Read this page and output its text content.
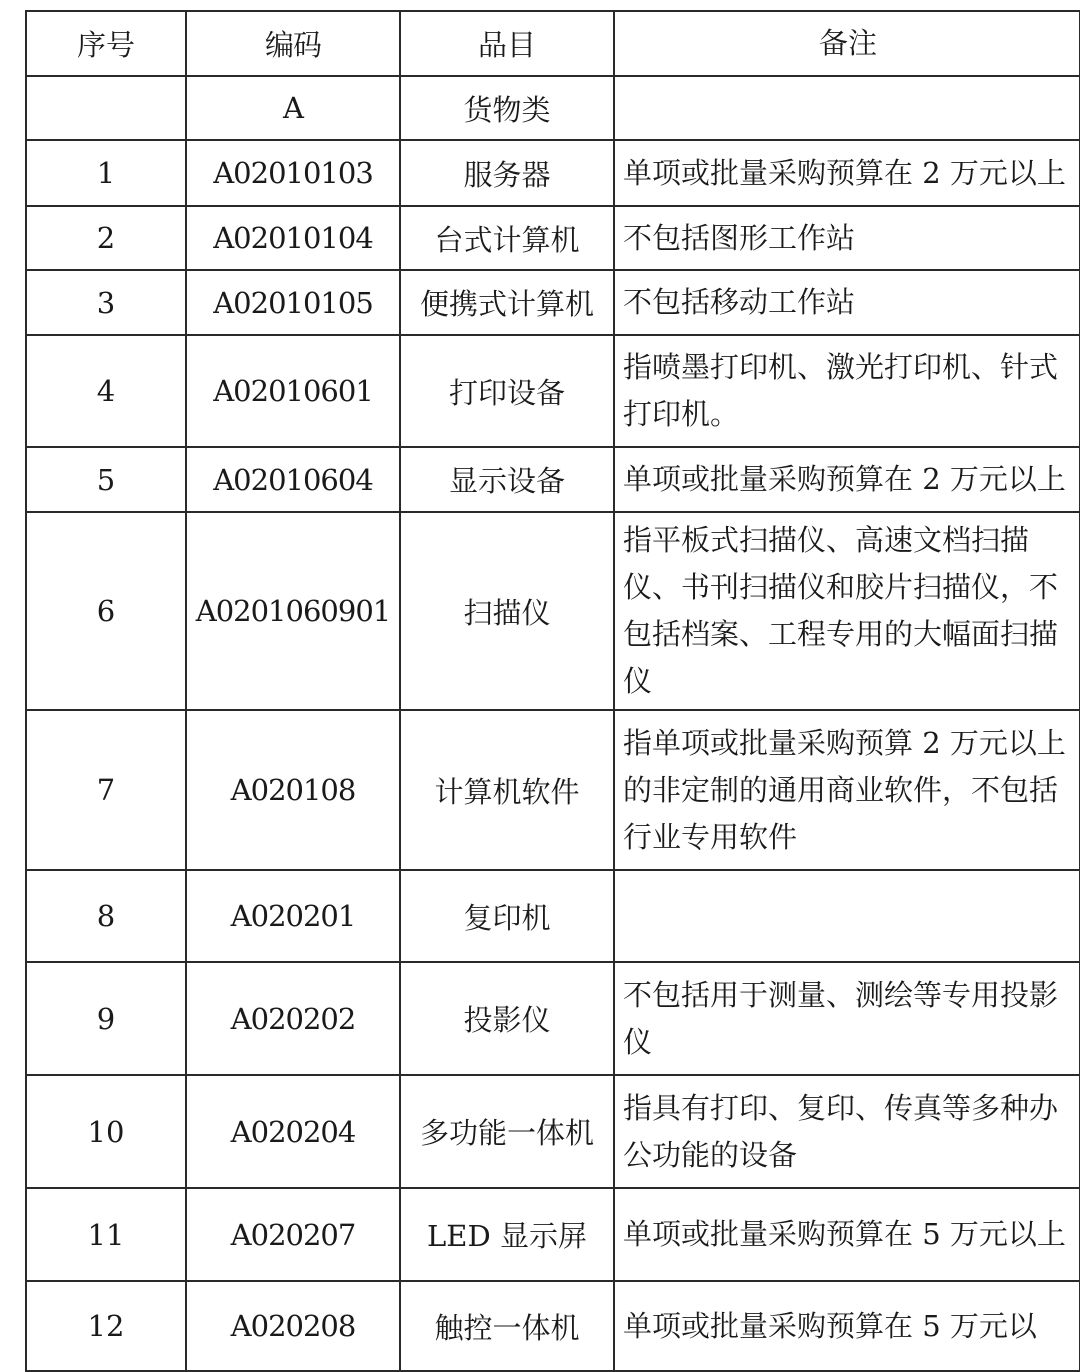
序号	编码	品目	备注
	A	货物类	
1	A02010103	服务器	单项或批量采购预算在 2 万元以上
2	A02010104	台式计算机	不包括图形工作站
3	A02010105	便携式计算机	不包括移动工作站
4	A02010601	打印设备	指喷墨打印机、激光打印机、针式打印机。
5	A02010604	显示设备	单项或批量采购预算在 2 万元以上
6	A0201060901	扫描仪	指平板式扫描仪、高速文档扫描仪、书刊扫描仪和胶片扫描仪，不包括档案、工程专用的大幅面扫描仪
7	A020108	计算机软件	指单项或批量采购预算 2 万元以上的非定制的通用商业软件，不包括行业专用软件
8	A020201	复印机	
9	A020202	投影仪	不包括用于测量、测绘等专用投影仪
10	A020204	多功能一体机	指具有打印、复印、传真等多种办公功能的设备
11	A020207	LED 显示屏	单项或批量采购预算在 5 万元以上
12	A020208	触控一体机	单项或批量采购预算在 5 万元以
